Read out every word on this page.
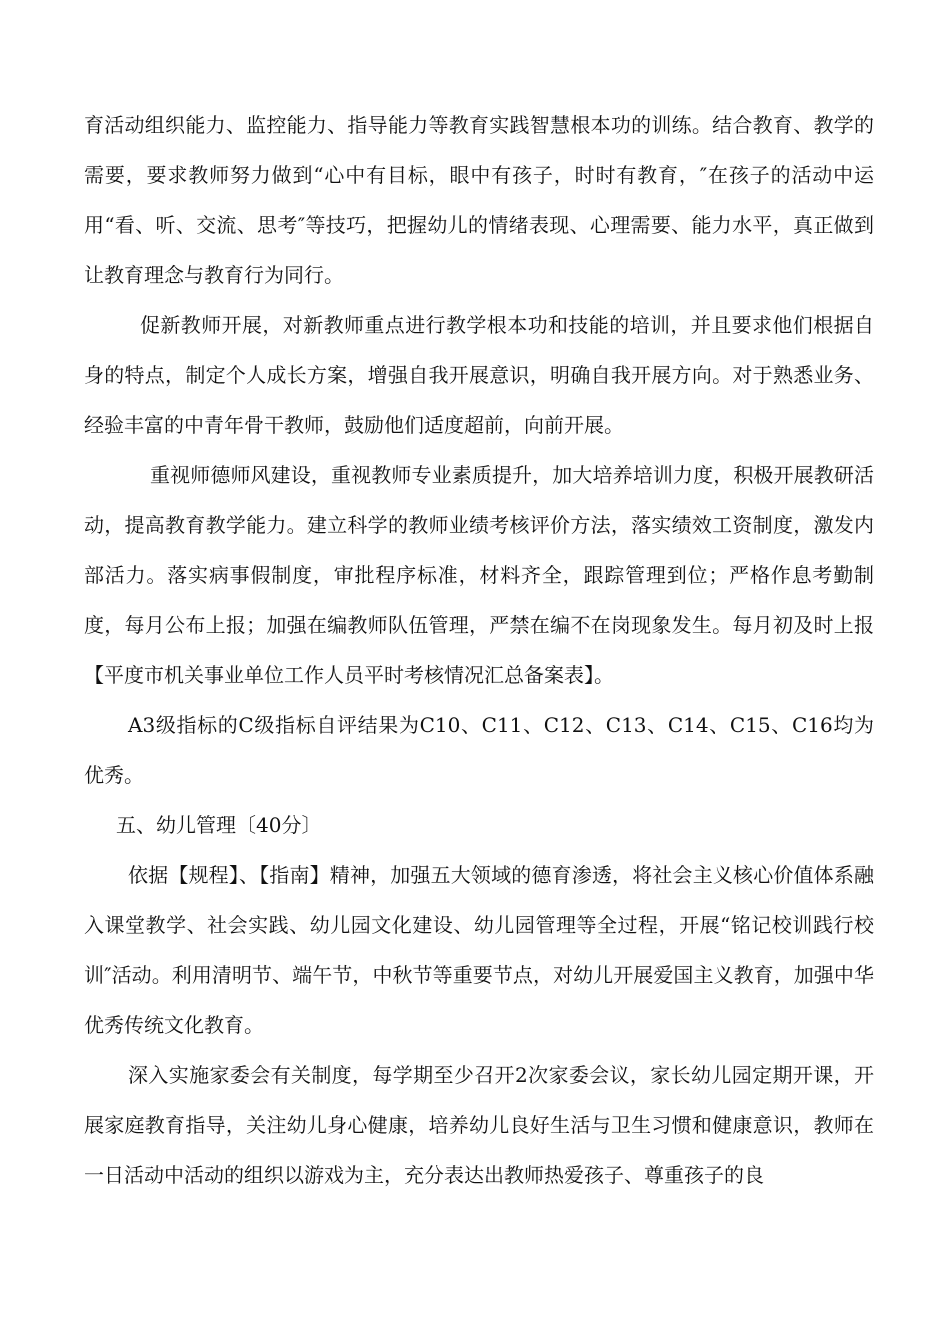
育活动组织能力、监控能力、指导能力等教育实践智慧根本功的训练。结合教育、教学的需要，要求教师努力做到“心中有目标，眼中有孩子，时时有教育，″在孩子的活动中运用“看、听、交流、思考″等技巧，把握幼儿的情绪表现、心理需要、能力水平，真正做到让教育理念与教育行为同行。

促新教师开展，对新教师重点进行教学根本功和技能的培训，并且要求他们根据自身的特点，制定个人成长方案，增强自我开展意识，明确自我开展方向。对于熟悉业务、经验丰富的中青年骨干教师，鼓励他们适度超前，向前开展。

重视师德师风建设，重视教师专业素质提升，加大培养培训力度，积极开展教研活动，提高教育教学能力。建立科学的教师业绩考核评价方法，落实绩效工资制度，激发内部活力。落实病事假制度，审批程序标准，材料齐全，跟踪管理到位；严格作息考勤制度，每月公布上报；加强在编教师队伍管理，严禁在编不在岗现象发生。每月初及时上报【平度市机关事业单位工作人员平时考核情况汇总备案表】。

A3级指标的C级指标自评结果为C10、C11、C12、C13、C14、C15、C16均为优秀。

五、幼儿管理〔40分〕

依据【规程】、【指南】精神，加强五大领域的德育渗透，将社会主义核心价值体系融入课堂教学、社会实践、幼儿园文化建设、幼儿园管理等全过程，开展“铭记校训践行校训″活动。利用清明节、端午节，中秋节等重要节点，对幼儿开展爱国主义教育，加强中华优秀传统文化教育。

深入实施家委会有关制度，每学期至少召开2次家委会议，家长幼儿园定期开课，开展家庭教育指导，关注幼儿身心健康，培养幼儿良好生活与卫生习惯和健康意识，教师在一日活动中活动的组织以游戏为主，充分表达出教师热爱孩子、尊重孩子的良
